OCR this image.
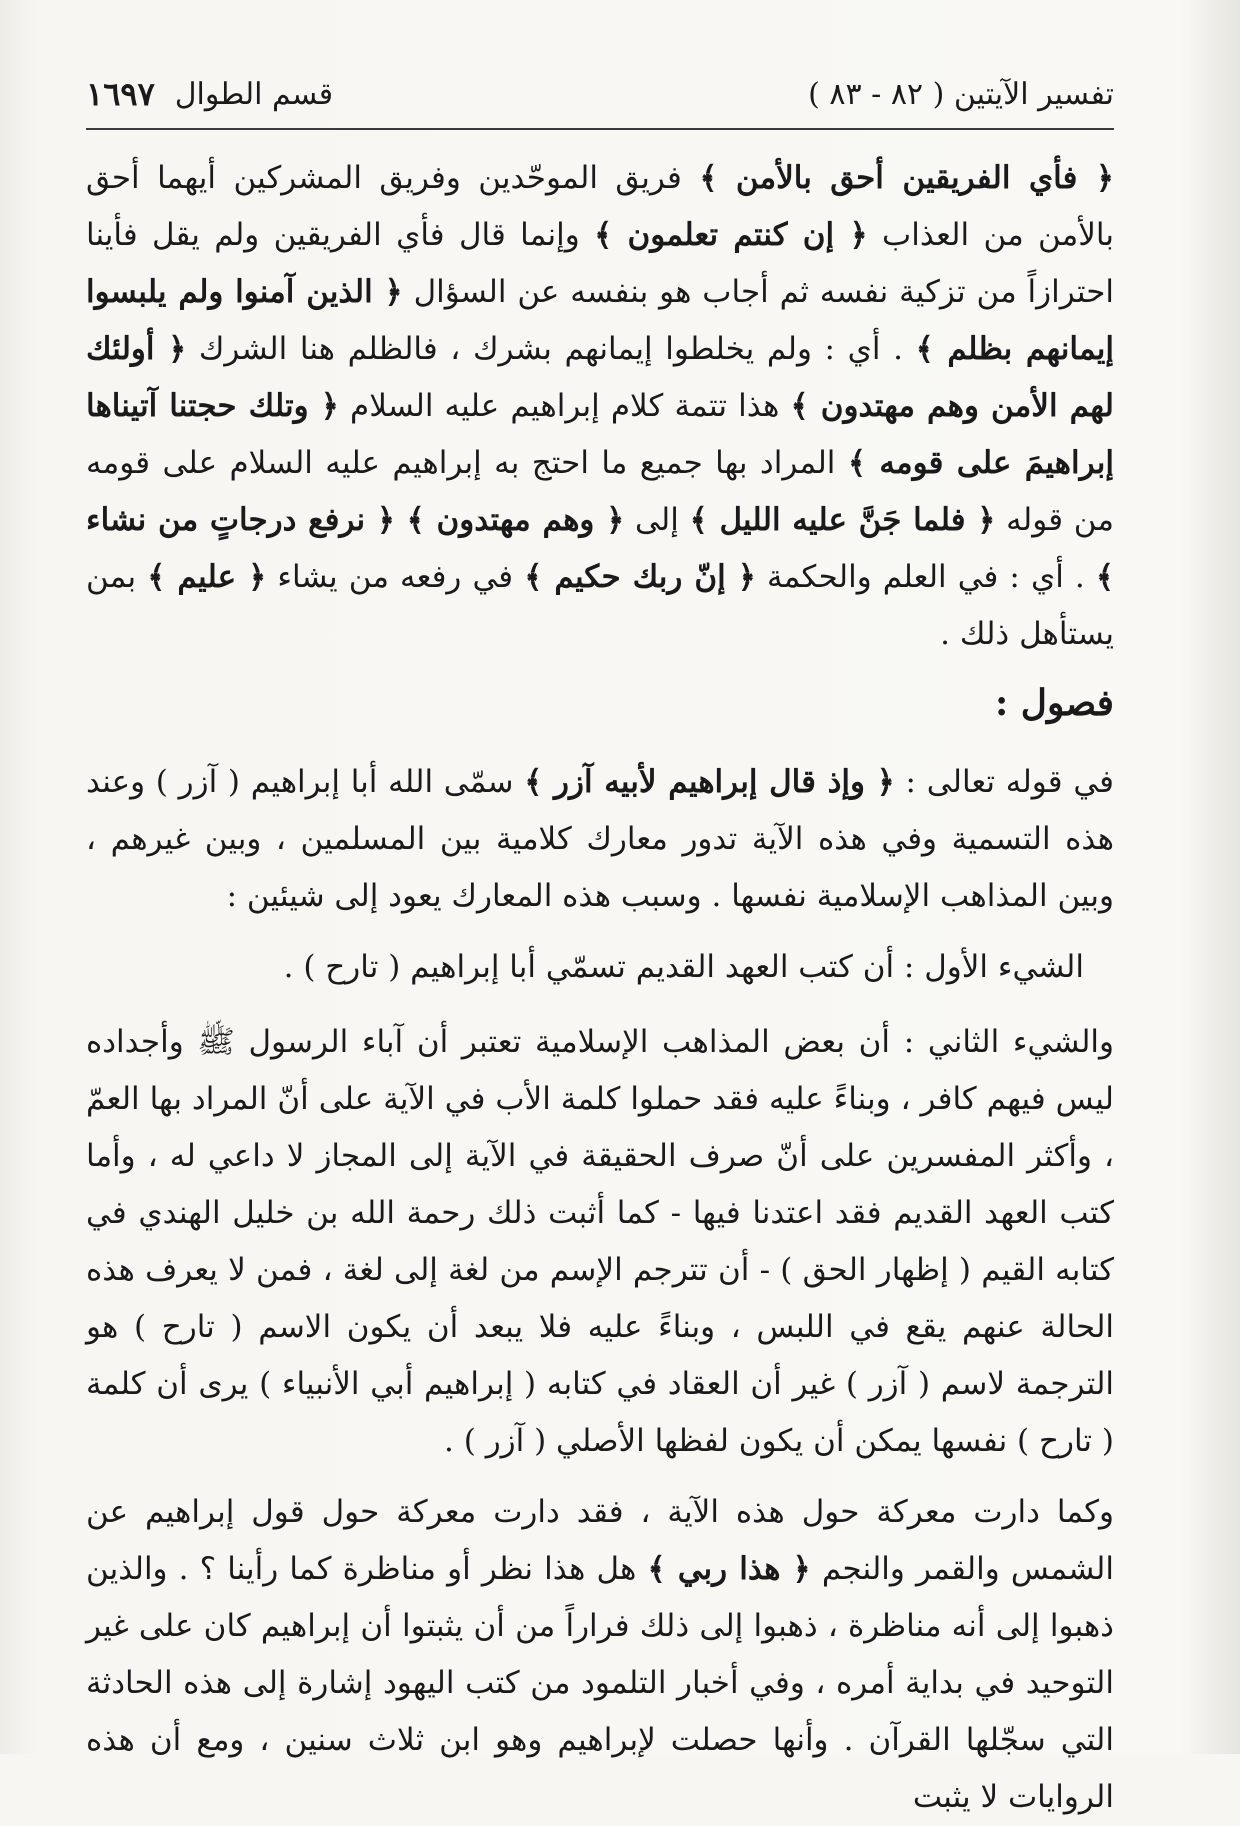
تفسير الآيتين ( ٨٢ - ٨٣ )
قسم الطوال
١٦٩٧

﴿ فأي الفريقين أحق بالأمن ﴾ فريق الموحّدين وفريق المشركين أيهما أحق بالأمن من العذاب ﴿ إن كنتم تعلمون ﴾ وإنما قال فأي الفريقين ولم يقل فأينا احترازاً من تزكية نفسه ثم أجاب هو بنفسه عن السؤال ﴿ الذين آمنوا ولم يلبسوا إيمانهم بظلم ﴾ . أي : ولم يخلطوا إيمانهم بشرك ، فالظلم هنا الشرك ﴿ أولئك لهم الأمن وهم مهتدون ﴾ هذا تتمة كلام إبراهيم عليه السلام ﴿ وتلك حجتنا آتيناها إبراهيمَ على قومه ﴾ المراد بها جميع ما احتج به إبراهيم عليه السلام على قومه من قوله ﴿ فلما جَنَّ عليه الليل ﴾ إلى ﴿ وهم مهتدون ﴾ ﴿ نرفع درجاتٍ من نشاء ﴾ . أي : في العلم والحكمة ﴿ إنّ ربك حكيم ﴾ في رفعه من يشاء ﴿ عليم ﴾ بمن يستأهل ذلك .

فصول :

في قوله تعالى : ﴿ وإذ قال إبراهيم لأبيه آزر ﴾ سمّى الله أبا إبراهيم ( آزر ) وعند هذه التسمية وفي هذه الآية تدور معارك كلامية بين المسلمين ، وبين غيرهم ، وبين المذاهب الإسلامية نفسها . وسبب هذه المعارك يعود إلى شيئين :

الشيء الأول : أن كتب العهد القديم تسمّي أبا إبراهيم ( تارح ) .

والشيء الثاني : أن بعض المذاهب الإسلامية تعتبر أن آباء الرسول ﷺ وأجداده ليس فيهم كافر ، وبناءً عليه فقد حملوا كلمة الأب في الآية على أنّ المراد بها العمّ ، وأكثر المفسرين على أنّ صرف الحقيقة في الآية إلى المجاز لا داعي له ، وأما كتب العهد القديم فقد اعتدنا فيها - كما أثبت ذلك رحمة الله بن خليل الهندي في كتابه القيم ( إظهار الحق ) - أن تترجم الإسم من لغة إلى لغة ، فمن لا يعرف هذه الحالة عنهم يقع في اللبس ، وبناءً عليه فلا يبعد أن يكون الاسم ( تارح ) هو الترجمة لاسم ( آزر ) غير أن العقاد في كتابه ( إبراهيم أبي الأنبياء ) يرى أن كلمة ( تارح ) نفسها يمكن أن يكون لفظها الأصلي ( آزر ) .

وكما دارت معركة حول هذه الآية ، فقد دارت معركة حول قول إبراهيم عن الشمس والقمر والنجم ﴿ هذا ربي ﴾ هل هذا نظر أو مناظرة كما رأينا ؟ . والذين ذهبوا إلى أنه مناظرة ، ذهبوا إلى ذلك فراراً من أن يثبتوا أن إبراهيم كان على غير التوحيد في بداية أمره ، وفي أخبار التلمود من كتب اليهود إشارة إلى هذه الحادثة التي سجّلها القرآن . وأنها حصلت لإبراهيم وهو ابن ثلاث سنين ، ومع أن هذه الروايات لا يثبت
